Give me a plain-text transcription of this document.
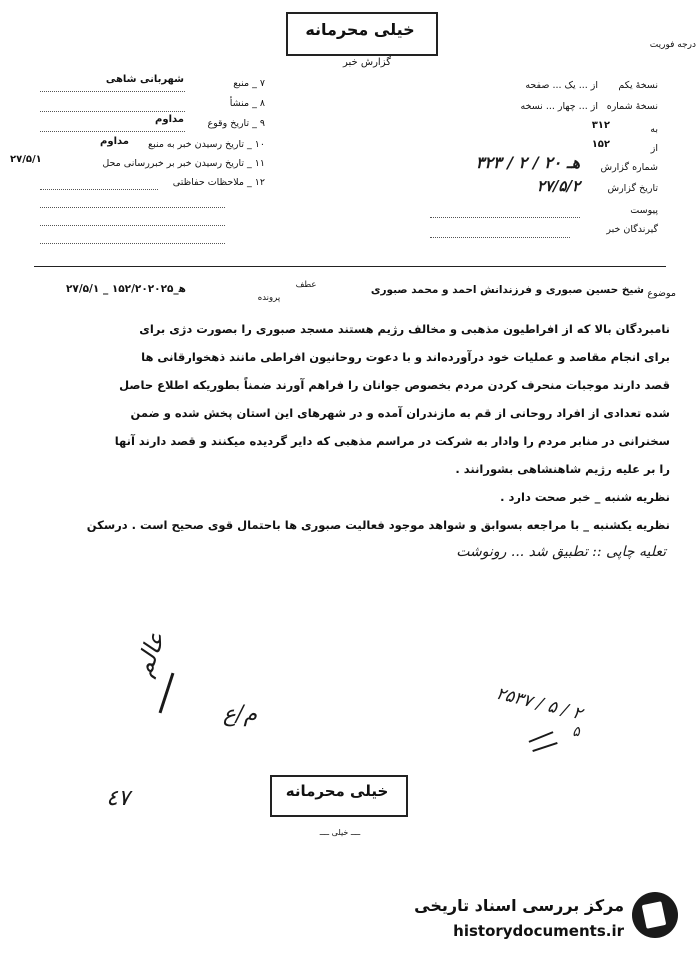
خیلی محرمانه
گزارش خبر
درجه فوریت
۷ _ منبع
شهربانی شاهی
۸ _ منشأ
۹ _ تاریخ وقوع
مداوم
۱۰ _ تاریخ رسیدن خبر به منبع
مداوم
۱۱ _ تاریخ رسیدن خبر بر خبر‌رسانی محل
۲۷/۵/۱
۱۲ _ ملاحظات حفاظتی
نسخهٔ یکم
از ... یک ... صفحه
نسخهٔ شماره
از ... چهار ... نسخه
به
۳۱۲
از
۱۵۲
شماره گزارش
۳۲۳ / ۲ / ۲۰ هـ
تاریخ گزارش
۲۷/۵/۲
پیوست
گیرندگان خبر
موضوع
شیخ حسین صبوری و فرزندانش احمد و محمد صبوری
عطف
پرونده
۲۷/۵/۱ _ ۱۵۲/۲۰۲۰ه‍‍_۲۵
نامبردگان بالا که از افراطیون مذهبی و مخالف رژیم هستند مسجد صبوری را بصورت دژی برای
برای انجام مقاصد و عملیات خود درآورده‌اند و با دعوت روحانیون افراطی مانند ذهخوارقانی ها
قصد دارند موجبات منحرف کردن مردم بخصوص جوانان را فراهم آورند ضمناً بطوریکه اطلاع حاصل
شده تعدادی از افراد روحانی از قم به مازندران آمده و در شهرهای این استان پخش شده و ضمن
سخنرانی در منابر مردم را وادار به شرکت در مراسم مذهبی که دایر گردیده میکنند و قصد دارند آنها
را بر علیه رژیم شاهنشاهی بشورانند .
نظریه شنبه _ خبر صحت دارد .
نظریه یکشنبه _ با مراجعه بسوابق و شواهد موجود فعالیت صبوری ها باحتمال قوی صحیح است . درسکن
تعلیه چاپی :: تطبیق شد ... رونوشت
عالم
م/ع	۲۵۳۷ / ۵ / ۲
۵
٤٧	خیلی محرمانه
ــــ خیلی ــــ
مرکز بررسی اسناد تاریخی
historydocuments.ir
